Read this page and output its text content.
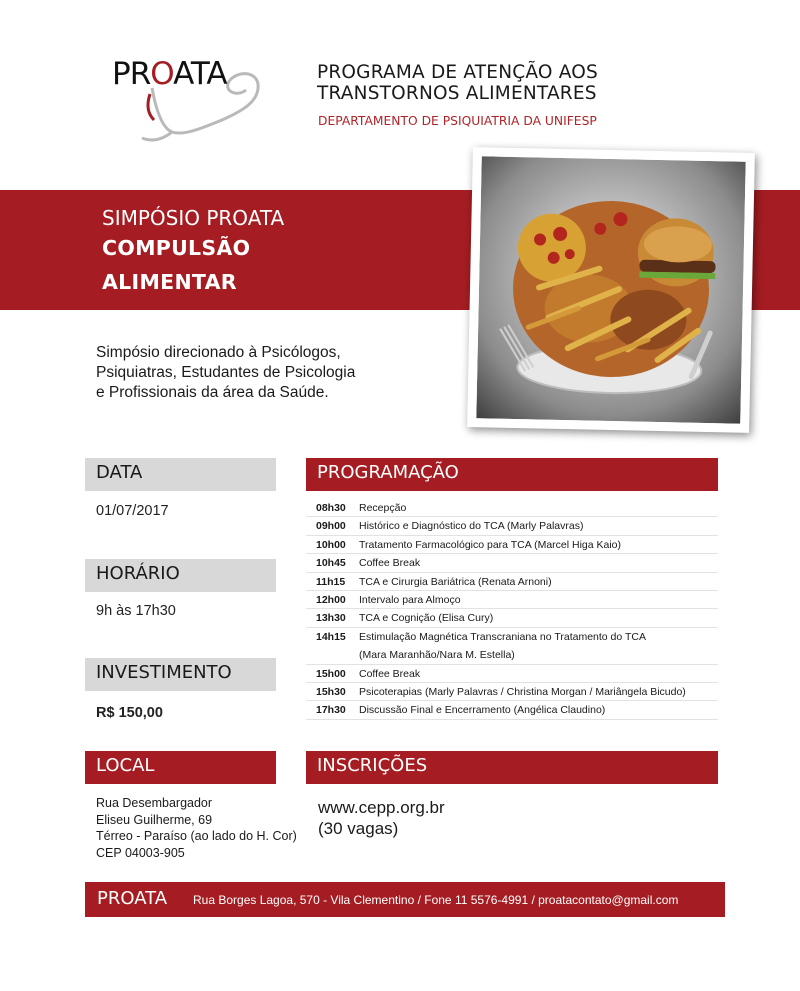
PROATA	PROGRAMA DE ATENÇÃO AOS
TRANSTORNOS ALIMENTARES
DEPARTAMENTO DE PSIQUIATRIA DA UNIFESP
SIMPÓSIO PROATA
COMPULSÃO
ALIMENTAR
Simpósio direcionado à Psicólogos,
Psiquiatras, Estudantes de Psicologia
e Profissionais da área da Saúde.
DATA
01/07/2017
HORÁRIO
9h às 17h30
INVESTIMENTO
R$ 150,00
LOCAL
Rua Desembargador
Eliseu Guilherme, 69
Térreo - Paraíso (ao lado do H. Cor)
CEP 04003-905
PROGRAMAÇÃO
08h30 Recepção
09h00 Histórico e Diagnóstico do TCA (Marly Palavras)
10h00 Tratamento Farmacológico para TCA (Marcel Higa Kaio)
10h45 Coffee Break
11h15 TCA e Cirurgia Bariátrica (Renata Arnoni)
12h00 Intervalo para Almoço
13h30 TCA e Cognição (Elisa Cury)
14h15 Estimulação Magnética Transcraniana no Tratamento do TCA
(Mara Maranhão/Nara M. Estella)
15h00 Coffee Break
15h30 Psicoterapias (Marly Palavras / Christina Morgan / Mariângela Bicudo)
17h30 Discussão Final e Encerramento (Angélica Claudino)
INSCRIÇÕES
www.cepp.org.br
(30 vagas)
PROATA Rua Borges Lagoa, 570 - Vila Clementino / Fone 11 5576-4991 / proatacontato@gmail.com
